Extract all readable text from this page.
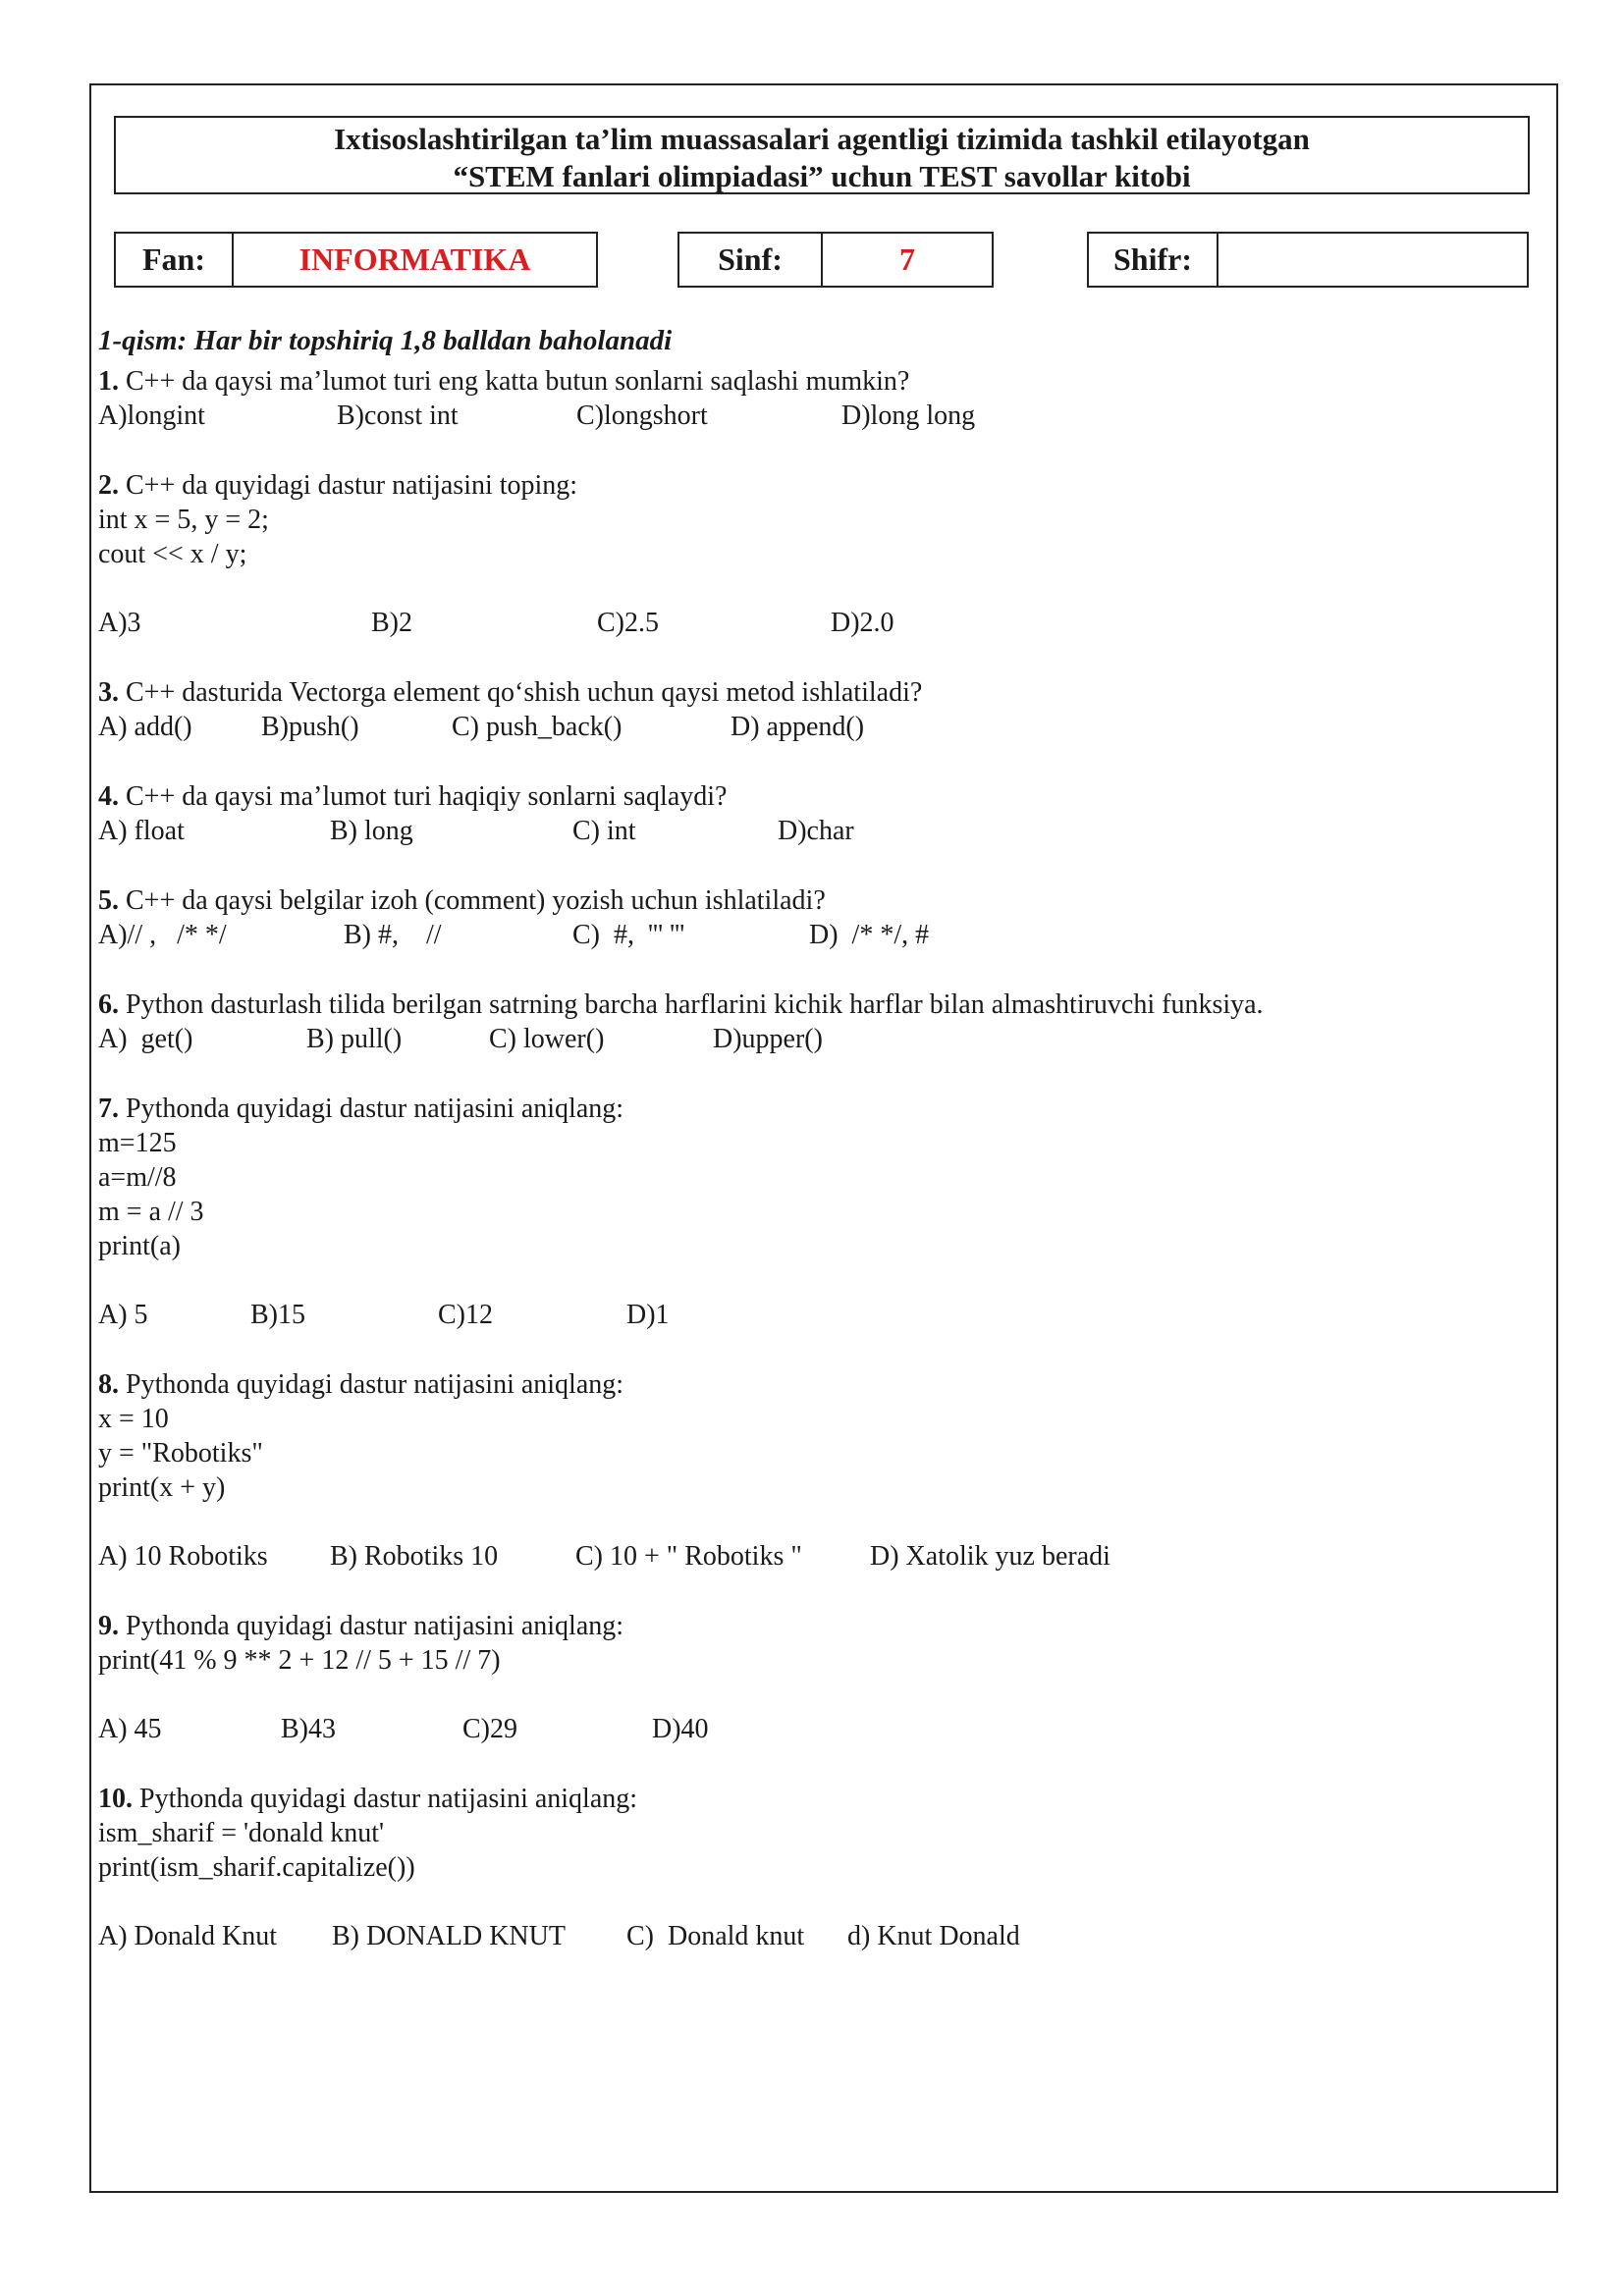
Ixtisoslashtirilgan ta’lim muassasalari agentligi tizimida tashkil etilayotgan
“STEM fanlari olimpiadasi” uchun TEST savollar kitobi
Fan:	INFORMATIKA	Sinf:	7	Shifr:
1-qism: Har bir topshiriq 1,8 balldan baholanadi
1. C++ da qaysi ma’lumot turi eng katta butun sonlarni saqlashi mumkin?
A)longint	B)const int	C)longshort	D)long long
2. C++ da quyidagi dastur natijasini toping:
int x = 5, y = 2;
cout << x / y;
A)3	B)2	C)2.5	D)2.0
3. C++ dasturida Vectorga element qo‘shish uchun qaysi metod ishlatiladi?
A) add()	B)push()	C) push_back()	D) append()
4. C++ da qaysi ma’lumot turi haqiqiy sonlarni saqlaydi?
A) float	B) long	C) int	D)char
5. C++ da qaysi belgilar izoh (comment) yozish uchun ishlatiladi?
A)// ,   /* */	B) #,    //	C)  #,  ''' '''	D)  /* */, #
6. Python dasturlash tilida berilgan satrning barcha harflarini kichik harflar bilan almashtiruvchi funksiya.
A)  get()	B) pull()	C) lower()	D)upper()
7. Pythonda quyidagi dastur natijasini aniqlang:
m=125
a=m//8
m = a // 3
print(a)
A) 5	B)15	C)12	D)1
8. Pythonda quyidagi dastur natijasini aniqlang:
x = 10
y = "Robotiks"
print(x + y)
A) 10 Robotiks B) Robotiks 10	C) 10 + " Robotiks " D) Xatolik yuz beradi
9. Pythonda quyidagi dastur natijasini aniqlang:
print(41 % 9 ** 2 + 12 // 5 + 15 // 7)
A) 45	B)43	C)29	D)40
10. Pythonda quyidagi dastur natijasini aniqlang:
ism_sharif = 'donald knut'
print(ism_sharif.capitalize())
A) Donald Knut B) DONALD KNUT C)  Donald knut d) Knut Donald
